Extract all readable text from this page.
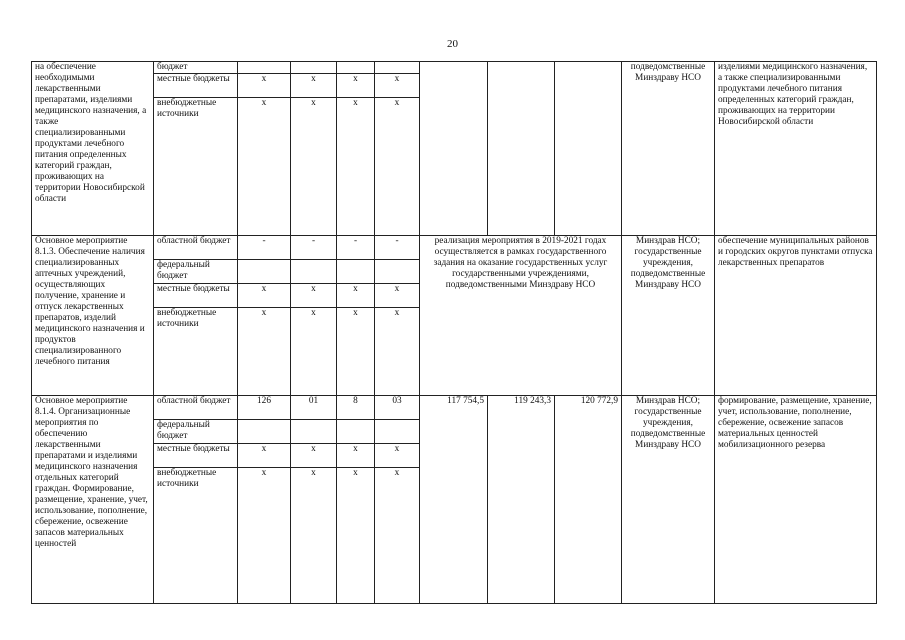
20
на обеспечение необходимыми лекарственными препаратами, изделиями медицинского назначения, а также специализированными продуктами лечебного питания определенных категорий граждан, проживающих на территории Новосибирской области	бюджет								подведомственные Минздраву НСО	изделиями медицинского назначения, а также специализированными продуктами лечебного питания определенных категорий граждан, проживающих на территории Новосибирской области
	местные бюджеты	х	х	х	х					
	внебюджетные источники	х	х	х	х					
Основное мероприятие 8.1.3. Обеспечение наличия специализированных аптечных учреждений, осуществляющих получение, хранение и отпуск лекарственных препаратов, изделий медицинского назначения и продуктов специализированного лечебного питания	областной бюджет	-	-	-	-	реализация мероприятия в 2019-2021 годах осуществляется в рамках государственного задания на оказание государственных услуг государственными учреждениями, подведомственными Минздраву НСО			Минздрав НСО; государственные учреждения, подведомственные Минздраву НСО	обеспечение муниципальных районов и городских округов пунктами отпуска лекарственных препаратов
	федеральный бюджет									
	местные бюджеты	х	х	х	х					
	внебюджетные источники	х	х	х	х					
Основное мероприятие 8.1.4. Организационные мероприятия по обеспечению лекарственными препаратами и изделиями медицинского назначения отдельных категорий граждан. Формирование, размещение, хранение, учет, использование, пополнение, сбережение, освежение запасов материальных ценностей	областной бюджет	126	01	8	03	117 754,5	119 243,3	120 772,9	Минздрав НСО; государственные учреждения, подведомственные Минздраву НСО	формирование, размещение, хранение, учет, использование, пополнение, сбережение, освежение запасов материальных ценностей мобилизационного резерва
	федеральный бюджет									
	местные бюджеты	х	х	х	х					
	внебюджетные источники	х	х	х	х					
